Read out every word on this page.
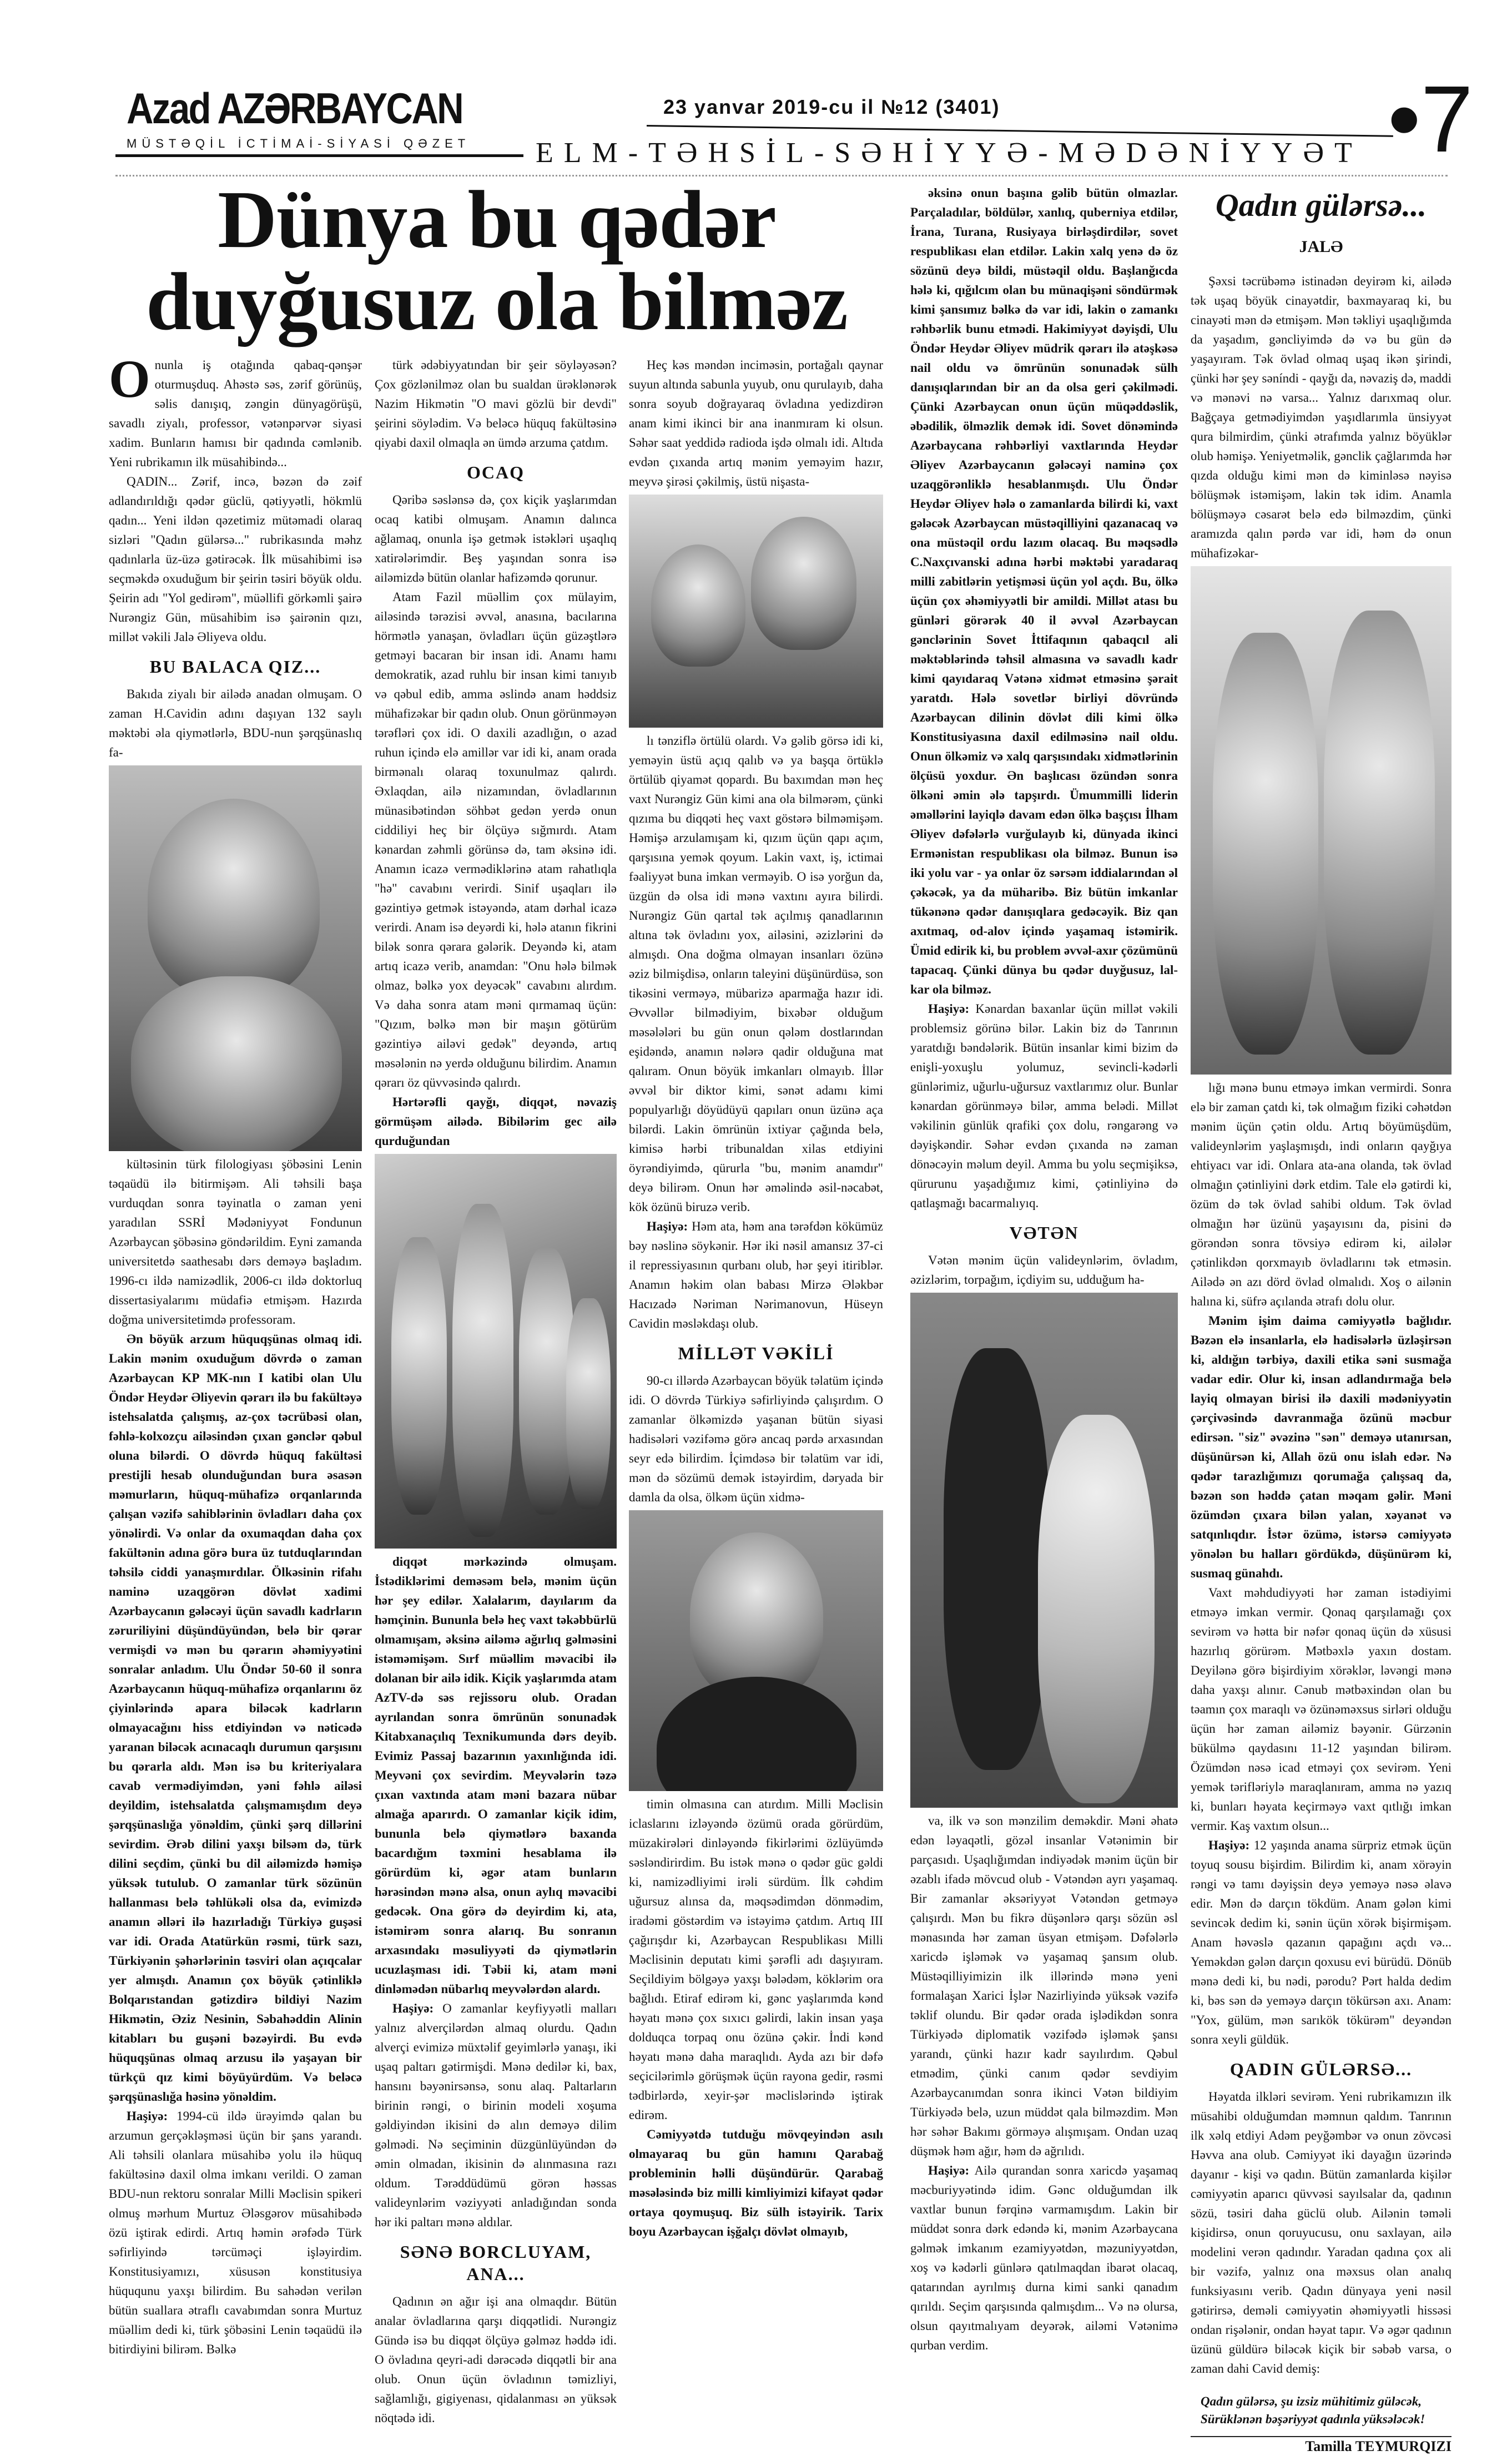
Azad AZƏRBAYCAN
MÜSTƏQİL İCTİMAİ-SİYASİ QƏZET
23 yanvar 2019-cu il №12 (3401)
ELM-TƏHSİL-SƏHİYYƏ-MƏDƏNİYYƏT •7
Dünya bu qədər
duyğusuz ola bilməz

Onunla iş otağında qabaq-qənşər oturmuşduq. Ahəstə səs, zərif görünüş, səlis danışıq, zəngin dünyagörüşü, savadlı ziyalı, professor, vətənpərvər siyasi xadim. Bunların hamısı bir qadında cəmlənib. Yeni rubrikamın ilk müsahibində...

QADIN... Zərif, incə, bəzən də zəif adlandırıldığı qədər güclü, qətiyyətli, hökmlü qadın... Yeni ildən qəzetimiz mütəmadi olaraq sizləri "Qadın gülərsə..." rubrikasında məhz qadınlarla üz-üzə gətirəcək. İlk müsahibimi isə seçməkdə oxuduğum bir şeirin təsiri böyük oldu. Şeirin adı "Yol gedirəm", müəllifi görkəmli şairə Nurəngiz Gün, müsahibim isə şairənin qızı, millət vəkili Jalə Əliyeva oldu.

BU BALACA QIZ...

Bakıda ziyalı bir ailədə anadan olmuşam. O zaman H.Cavidin adını daşıyan 132 saylı məktəbi əla qiymətlərlə, BDU-nun şərqşünaslıq fa-

kültəsinin türk filologiyası şöbəsini Lenin təqaüdü ilə bitirmişəm. Ali təhsili başa vurduqdan sonra təyinatla o zaman yeni yaradılan SSRİ Mədəniyyət Fondunun Azərbaycan şöbəsinə göndərildim. Eyni zamanda universitetdə saathesabı dərs deməyə başladım. 1996-cı ildə namizədlik, 2006-cı ildə doktorluq dissertasiyalarımı müdafiə etmişəm. Hazırda doğma universitetimdə professoram.

Ən böyük arzum hüquqşünas olmaq idi. Lakin mənim oxuduğum dövrdə o zaman Azərbaycan KP MK-nın I katibi olan Ulu Öndər Heydər Əliyevin qərarı ilə bu fakültəyə istehsalatda çalışmış, az-çox təcrübəsi olan, fəhlə-kolxozçu ailəsindən çıxan gənclər qəbul oluna bilərdi. O dövrdə hüquq fakültəsi prestijli hesab olunduğundan bura əsasən məmurların, hüquq-mühafizə orqanlarında çalışan vəzifə sahiblərinin övladları daha çox yönəlirdi. Və onlar da oxumaqdan daha çox fakültənin adına görə bura üz tutduqlarından təhsilə ciddi yanaşmırdılar. Ölkəsinin rifahı naminə uzaqgörən dövlət xadimi Azərbaycanın gələcəyi üçün savadlı kadrların zəruriliyini düşündüyündən, belə bir qərar vermişdi və mən bu qərarın əhəmiyyətini sonralar anladım. Ulu Öndər 50-60 il sonra Azərbaycanın hüquq-mühafizə orqanlarını öz çiyinlərində apara biləcək kadrların olmayacağını hiss etdiyindən və nəticədə yaranan biləcək acınacaqlı durumun qarşısını bu qərarla aldı. Mən isə bu kriteriyalara cavab vermədiyimdən, yəni fəhlə ailəsi deyildim, istehsalatda çalışmamışdım deyə şərqşünaslığa yönəldim, çünki şərq dillərini sevirdim. Ərəb dilini yaxşı bilsəm də, türk dilini seçdim, çünki bu dil ailəmizdə həmişə yüksək tutulub. O zamanlar türk sözünün hallanması belə təhlükəli olsa da, evimizdə anamın əlləri ilə hazırladığı Türkiyə guşəsi var idi. Orada Atatürkün rəsmi, türk sazı, Türkiyənin şəhərlərinin təsviri olan açıqcalar yer almışdı. Anamın çox böyük çətinliklə Bolqarıstandan gətizdirə bildiyi Nazim Hikmətin, Əziz Nesinin, Səbahəddin Alinin kitabları bu guşəni bəzəyirdi. Bu evdə hüquqşünas olmaq arzusu ilə yaşayan bir türkçü qız kimi böyüyürdüm. Və beləcə şərqşünaslığa həsinə yönəldim.

Haşiyə: 1994-cü ildə ürəyimdə qalan bu arzumun gerçəkləşməsi üçün bir şans yarandı. Ali təhsili olanlara müsahibə yolu ilə hüquq fakültəsinə daxil olma imkanı verildi. O zaman BDU-nun rektoru sonralar Milli Məclisin spikeri olmuş mərhum Murtuz Ələsgərov müsahibədə özü iştirak edirdi. Artıq həmin ərəfədə Türk səfirliyində tərcüməçi işləyirdim. Konstitusiyamızı, xüsusən konstitusiya hüququnu yaxşı bilirdim. Bu sahədən verilən bütün suallara ətraflı cavabımdan sonra Murtuz müəllim dedi ki, türk şöbəsini Lenin təqaüdü ilə bitirdiyini bilirəm. Bəlkə

türk ədəbiyyatından bir şeir söyləyəsən? Çox gözlənilməz olan bu sualdan ürəklənərək Nazim Hikmətin "O mavi gözlü bir devdi" şeirini söylədim. Və beləcə hüquq fakültəsinə qiyabi daxil olmaqla ən ümdə arzuma çatdım.

OCAQ

Qəribə səslənsə də, çox kiçik yaşlarımdan ocaq katibi olmuşam. Anamın dalınca ağlamaq, onunla işə getmək istəkləri uşaqlıq xatirələrimdir. Beş yaşından sonra isə ailəmizdə bütün olanlar hafizəmdə qorunur.

Atam Fazil müəllim çox mülayim, ailəsində tərəzisi əvvəl, anasına, bacılarına hörmətlə yanaşan, övladları üçün güzəştlərə getməyi bacaran bir insan idi. Anamı hamı demokratik, azad ruhlu bir insan kimi tanıyıb və qəbul edib, amma əslində anam həddsiz mühafizəkar bir qadın olub. Onun görünməyən tərəfləri çox idi. O daxili azadlığın, o azad ruhun içində elə amillər var idi ki, anam orada birmənalı olaraq toxunulmaz qalırdı. Əxlaqdan, ailə nizamından, övladlarının münasibətindən söhbət gedən yerdə onun ciddiliyi heç bir ölçüyə sığmırdı. Atam kənardan zəhmli görünsə də, tam əksinə idi. Anamın icazə vermədiklərinə atam rahatlıqla "hə" cavabını verirdi. Sinif uşaqları ilə gəzintiyə getmək istəyəndə, atam dərhal icazə verirdi. Anam isə deyərdi ki, hələ atanın fikrini bilək sonra qərara gələrik. Deyəndə ki, atam artıq icazə verib, anamdan: "Onu hələ bilmək olmaz, bəlkə yox deyəcək" cavabını alırdım. Və daha sonra atam məni qırmamaq üçün: "Qızım, bəlkə mən bir maşın götürüm gəzintiyə ailəvi gedək" deyəndə, artıq məsələnin nə yerdə olduğunu bilirdim. Anamın qərarı öz qüvvəsində qalırdı.

Hərtərəfli qayğı, diqqət, nəvaziş görmüşəm ailədə. Bibilərim gec ailə qurduğundan

diqqət mərkəzində olmuşam. İstədiklərimi deməsəm belə, mənim üçün hər şey edilər. Xalalarım, dayılarım da həmçinin. Bununla belə heç vaxt təkəbbürlü olmamışam, əksinə ailəmə ağırlıq gəlməsini istəməmişəm. Sırf müəllim məvacibi ilə dolanan bir ailə idik. Kiçik yaşlarımda atam AzTV-də səs rejissoru olub. Oradan ayrılandan sonra ömrünün sonunadək Kitabxanaçılıq Texnikumunda dərs deyib. Evimiz Passaj bazarının yaxınlığında idi. Meyvəni çox sevirdim. Meyvələrin təzə çıxan vaxtında atam məni bazara nübar almağa aparırdı. O zamanlar kiçik idim, bununla belə qiymətlərə baxanda bacardığım təxmini hesablama ilə görürdüm ki, əgər atam bunların hərəsindən mənə alsa, onun aylıq məvacibi gedəcək. Ona görə də deyirdim ki, ata, istəmirəm sonra alarıq. Bu sonranın arxasındakı məsuliyyəti də qiymətlərin ucuzlaşması idi. Təbii ki, atam məni dinləmədən nübarlıq meyvələrdən alardı.

Haşiyə: O zamanlar keyfiyyətli malları yalnız alverçilərdən almaq olurdu. Qadın alverçi evimizə müxtəlif geyimlərlə yanaşı, iki uşaq paltarı gətirmişdi. Mənə dedilər ki, bax, hansını bəyənirsənsə, sonu alaq. Paltarların birinin rəngi, o birinin modeli xoşuma gəldiyindən ikisini də alın deməyə dilim gəlmədi. Nə seçiminin düzgünlüyündən də əmin olmadan, ikisinin də alınmasına razı oldum. Tərəddüdümü görən həssas valideynlərim vəziyyəti anladığından sonda hər iki paltarı mənə aldılar.

SƏNƏ BORCLUYAM, ANA...

Qadının ən ağır işi ana olmaqdır. Bütün analar övladlarına qarşı diqqətlidi. Nurəngiz Gündə isə bu diqqət ölçüyə gəlməz həddə idi. O övladına qeyri-adi dərəcədə diqqətli bir ana olub. Onun üçün övladının təmizliyi, sağlamlığı, gigiyenası, qidalanması ən yüksək nöqtədə idi.

Heç kəs məndən inciməsin, portağalı qaynar suyun altında sabunla yuyub, onu qurulayıb, daha sonra soyub doğrayaraq övladına yedizdirən anam kimi ikinci bir ana inanmıram ki olsun. Səhər saat yeddidə radioda işdə olmalı idi. Altıda evdən çıxanda artıq mənim yeməyim hazır, meyvə şirəsi çəkilmiş, üstü nişasta-

lı tənziflə örtülü olardı. Və gəlib görsə idi ki, yeməyin üstü açıq qalıb və ya başqa örtüklə örtülüb qiyamət qopardı. Bu baxımdan mən heç vaxt Nurəngiz Gün kimi ana ola bilmərəm, çünki qızıma bu diqqəti heç vaxt göstərə bilməmişəm. Həmişə arzulamışam ki, qızım üçün qapı açım, qarşısına yemək qoyum. Lakin vaxt, iş, ictimai fəaliyyət buna imkan verməyib. O isə yorğun da, üzgün də olsa idi mənə vaxtını ayıra bilirdi. Nurəngiz Gün qartal tək açılmış qanadlarının altına tək övladını yox, ailəsini, əzizlərini də almışdı. Ona doğma olmayan insanları özünə əziz bilmişdisə, onların taleyini düşünürdüsə, son tikəsini verməyə, mübarizə aparmağa hazır idi. Əvvəllər bilmədiyim, bixəbər olduğum məsələləri bu gün onun qələm dostlarından eşidəndə, anamın nələrə qadir olduğuna mat qalıram. Onun böyük imkanları olmayıb. İllər əvvəl bir diktor kimi, sənət adamı kimi populyarlığı döyüdüyü qapıları onun üzünə aça bilərdi. Lakin ömrünün ixtiyar çağında belə, kimisə hərbi tribunaldan xilas etdiyini öyrəndiyimdə, qürurla "bu, mənim anamdır" deyə bilirəm. Onun hər əməlində əsil-nəcabət, kök özünü biruzə verib.

Haşiyə: Həm ata, həm ana tərəfdən kökümüz bəy nəslinə söykənir. Hər iki nəsil amansız 37-ci il repressiyasının qurbanı olub, hər şeyi itiriblər. Anamın həkim olan babası Mirzə Ələkbər Hacızadə Nəriman Nərimanovun, Hüseyn Cavidin məsləkdaşı olub.

MİLLƏT VƏKİLİ

90-cı illərdə Azərbaycan böyük təlatüm içində idi. O dövrdə Türkiyə səfirliyində çalışırdım. O zamanlar ölkəmizdə yaşanan bütün siyasi hadisələri vəzifəmə görə ancaq pərdə arxasından seyr edə bilirdim. İçimdəsə bir təlatüm var idi, mən də sözümü demək istəyirdim, dəryada bir damla da olsa, ölkəm üçün xidmə-

timin olmasına can atırdım. Milli Məclisin iclaslarını izləyəndə özümü orada görürdüm, müzakirələri dinləyəndə fikirlərimi özlüyümdə səsləndirirdim. Bu istək mənə o qədər güc gəldi ki, namizədliyimi irəli sürdüm. İlk cəhdim uğursuz alınsa da, məqsədimdən dönmədim, iradəmi göstərdim və istəyimə çatdım. Artıq III çağırışdır ki, Azərbaycan Respublikası Milli Məclisinin deputatı kimi şərəfli adı daşıyıram. Seçildiyim bölgəyə yaxşı bələdəm, köklərim ora bağlıdı. Etiraf edirəm ki, gənc yaşlarımda kənd həyatı mənə çox sıxıcı gəlirdi, lakin insan yaşa dolduqca torpaq onu özünə çəkir. İndi kənd həyatı mənə daha maraqlıdı. Ayda azı bir dəfə seçicilərimlə görüşmək üçün rayona gedir, rəsmi tədbirlərdə, xeyir-şər məclislərində iştirak edirəm.

Cəmiyyətdə tutduğu mövqeyindən asılı olmayaraq bu gün hamını Qarabağ probleminin həlli düşündürür. Qarabağ məsələsində biz milli kimliyimizi kifayət qədər ortaya qoymuşuq. Biz sülh istəyirik. Tarix boyu Azərbaycan işğalçı dövlət olmayıb,

əksinə onun başına gəlib bütün olmazlar. Parçaladılar, böldülər, xanlıq, quberniya etdilər, İrana, Turana, Rusiyaya birləşdirdilər, sovet respublikası elan etdilər. Lakin xalq yenə də öz sözünü deyə bildi, müstəqil oldu. Başlanğıcda hələ ki, qığılcım olan bu münaqişəni söndürmək kimi şansımız bəlkə də var idi, lakin o zamankı rəhbərlik bunu etmədi. Hakimiyyət dəyişdi, Ulu Öndər Heydər Əliyev müdrik qərarı ilə atəşkəsə nail oldu və ömrünün sonunadək sülh danışıqlarından bir an da olsa geri çəkilmədi. Çünki Azərbaycan onun üçün müqəddəslik, əbədilik, ölməzlik demək idi. Sovet dönəmində Azərbaycana rəhbərliyi vaxtlarında Heydər Əliyev Azərbaycanın gələcəyi naminə çox uzaqgörənliklə hesablanmışdı. Ulu Öndər Heydər Əliyev hələ o zamanlarda bilirdi ki, vaxt gələcək Azərbaycan müstəqilliyini qazanacaq və ona müstəqil ordu lazım olacaq. Bu məqsədlə C.Naxçıvanski adına hərbi məktəbi yaradaraq milli zabitlərin yetişməsi üçün yol açdı. Bu, ölkə üçün çox əhəmiyyətli bir amildi. Millət atası bu günləri görərək 40 il əvvəl Azərbaycan gənclərinin Sovet İttifaqının qabaqcıl ali məktəblərində təhsil almasına və savadlı kadr kimi qayıdaraq Vətənə xidmət etməsinə şərait yaratdı. Hələ sovetlər birliyi dövründə Azərbaycan dilinin dövlət dili kimi ölkə Konstitusiyasına daxil edilməsinə nail oldu. Onun ölkəmiz və xalq qarşısındakı xidmətlərinin ölçüsü yoxdur. Ən başlıcası özündən sonra ölkəni əmin ələ tapşırdı. Ümummilli liderin əməllərini layiqlə davam edən ölkə başçısı İlham Əliyev dəfələrlə vurğulayıb ki, dünyada ikinci Ermənistan respublikası ola bilməz. Bunun isə iki yolu var - ya onlar öz sərsəm iddialarından əl çəkəcək, ya da müharibə. Biz bütün imkanlar tükənənə qədər danışıqlara gedəcəyik. Biz qan axıtmaq, od-alov içində yaşamaq istəmirik. Ümid edirik ki, bu problem əvvəl-axır çözümünü tapacaq. Çünki dünya bu qədər duyğusuz, lal-kar ola bilməz.

Haşiyə: Kənardan baxanlar üçün millət vəkili problemsiz görünə bilər. Lakin biz də Tanrının yaratdığı bəndələrik. Bütün insanlar kimi bizim də enişli-yoxuşlu yolumuz, sevincli-kədərli günlərimiz, uğurlu-uğursuz vaxtlarımız olur. Bunlar kənardan görünməyə bilər, amma belədi. Millət vəkilinin günlük qrafiki çox dolu, rəngarəng və dəyişkəndir. Səhər evdən çıxanda nə zaman dönəcəyin məlum deyil. Amma bu yolu seçmişiksə, qürurunu yaşadığımız kimi, çətinliyinə də qatlaşmağı bacarmalıyıq.

VƏTƏN

Vətən mənim üçün valideynlərim, övladım, əzizlərim, torpağım, içdiyim su, udduğum ha-

va, ilk və son mənzilim deməkdir. Məni əhatə edən ləyaqətli, gözəl insanlar Vətənimin bir parçasıdı. Uşaqlığımdan indiyədək mənim üçün bir əzablı ifadə mövcud olub - Vətəndən ayrı yaşamaq. Bir zamanlar əksəriyyət Vətəndən getməyə çalışırdı. Mən bu fikrə düşənlərə qarşı sözün əsl mənasında hər zaman üsyan etmişəm. Dəfələrlə xaricdə işləmək və yaşamaq şansım olub. Müstəqilliyimizin ilk illərində mənə yeni formalaşan Xarici İşlər Nazirliyində yüksək vəzifə təklif olundu. Bir qədər orada işlədikdən sonra Türkiyədə diplomatik vəzifədə işləmək şansı yarandı, çünki hazır kadr sayılırdım. Qəbul etmədim, çünki canım qədər sevdiyim Azərbaycanımdan sonra ikinci Vətən bildiyim Türkiyədə belə, uzun müddət qala bilməzdim. Mən hər səhər Bakımı görməyə alışmışam. Ondan uzaq düşmək həm ağır, həm də ağrılıdı.

Haşiyə: Ailə qurandan sonra xaricdə yaşamaq məcburiyyətində idim. Gənc olduğumdan ilk vaxtlar bunun fərqinə varmamışdım. Lakin bir müddət sonra dərk edəndə ki, mənim Azərbaycana gəlmək imkanım ezamiyyətdən, məzuniyyətdən, xoş və kədərli günlərə qatılmaqdan ibarət olacaq, qatarından ayrılmış durna kimi sanki qanadım qırıldı. Seçim qarşısında qalmışdım... Və nə olursa, olsun qayıtmalıyam deyərək, ailəmi Vətənimə qurban verdim.

Qadın gülərsə...
JALƏ

Şəxsi təcrübəmə istinadən deyirəm ki, ailədə tək uşaq böyük cinayətdir, baxmayaraq ki, bu cinayəti mən də etmişəm. Mən təkliyi uşaqlığımda da yaşadım, gəncliyimdə də və bu gün də yaşayıram. Tək övlad olmaq uşaq ikən şirindi, çünki hər şey səníndi - qayğı da, nəvaziş də, maddi və mənəvi nə varsa... Yalnız darıxmaq olur. Bağçaya getmədiyimdən yaşıdlarımla ünsiyyət qura bilmirdim, çünki ətrafımda yalnız böyüklər olub həmişə. Yeniyetməlik, gənclik çağlarımda hər qızda olduğu kimi mən də kiminləsə nəyisə bölüşmək istəmişəm, lakin tək idim. Anamla bölüşməyə cəsarət belə edə bilməzdim, çünki aramızda qalın pərdə var idi, həm də onun mühafizəkar-

lığı mənə bunu etməyə imkan vermirdi. Sonra elə bir zaman çatdı ki, tək olmağım fiziki cəhətdən mənim üçün çətin oldu. Artıq böyümüşdüm, valideynlərim yaşlaşmışdı, indi onların qayğıya ehtiyacı var idi. Onlara ata-ana olanda, tək övlad olmağın çətinliyini dərk etdim. Tale elə gətirdi ki, özüm də tək övlad sahibi oldum. Tək övlad olmağın hər üzünü yaşayısını da, pisini də görəndən sonra tövsiyə edirəm ki, ailələr çətinlikdən qorxmayıb övladlarını tək etməsin. Ailədə ən azı dörd övlad olmalıdı. Xoş o ailənin halına ki, süfrə açılanda ətrafı dolu olur.

Mənim işim daima cəmiyyətlə bağlıdır. Bəzən elə insanlarla, elə hadisələrlə üzləşirsən ki, aldığın tərbiyə, daxili etika səni susmağa vadar edir. Olur ki, insan adlandırmağa belə layiq olmayan birisi ilə daxili mədəniyyətin çərçivəsində davranmağa özünü məcbur edirsən. "siz" əvəzinə "sən" deməyə utanırsan, düşünürsən ki, Allah özü onu islah edər. Nə qədər tarazlığımızı qorumağa çalışsaq da, bəzən son həddə çatan məqam gəlir. Məni özümdən çıxara bilən yalan, xəyanət və satqınlıqdır. İstər özümə, istərsə cəmiyyətə yönələn bu halları gördükdə, düşünürəm ki, susmaq günahdı.

Vaxt məhdudiyyəti hər zaman istədiyimi etməyə imkan vermir. Qonaq qarşılamağı çox sevirəm və hətta bir nəfər qonaq üçün də xüsusi hazırlıq görürəm. Mətbəxlə yaxın dostam. Deyilənə görə bişirdiyim xörəklər, ləvəngi mənə daha yaxşı alınır. Cənub mətbəxindən olan bu təamın çox maraqlı və özünəməxsus sirləri olduğu üçün hər zaman ailəmiz bəyənir. Gürzənin bükülmə qaydasını 11-12 yaşından bilirəm. Özümdən nəsə icad etməyi çox sevirəm. Yeni yemək tərifləriylə maraqlanıram, amma nə yazıq ki, bunları həyata keçirməyə vaxt qıtlığı imkan vermir. Kaş vaxtım olsun...

Haşiyə: 12 yaşında anama sürpriz etmək üçün toyuq sousu bişirdim. Bilirdim ki, anam xörəyin rəngi və tamı dəyişsin deyə yeməyə nəsə əlavə edir. Mən də darçın tökdüm. Anam gələn kimi sevincək dedim ki, sənin üçün xörək bişirmişəm. Anam həvəslə qazanın qapağını açdı və... Yeməkdən gələn darçın qoxusu evi bürüdü. Dönüb mənə dedi ki, bu nədi, pərodu? Pərt halda dedim ki, bəs sən də yeməyə darçın tökürsən axı. Anam: "Yox, gülüm, mən sarıkök tökürəm" deyəndən sonra xeyli güldük.

QADIN GÜLƏRSƏ...

Həyatda ilkləri sevirəm. Yeni rubrikamızın ilk müsahibi olduğumdan məmnun qaldım. Tanrının ilk xəlq etdiyi Adəm peyğəmbər və onun zövcəsi Həvva ana olub. Cəmiyyət iki dayağın üzərində dayanır - kişi və qadın. Bütün zamanlarda kişilər cəmiyyətin aparıcı qüvvəsi sayılsalar da, qadının sözü, təsiri daha güclü olub. Ailənin təməli kişidirsə, onun qoruyucusu, onu saxlayan, ailə modelini verən qadındır. Yaradan qadına çox ali bir vəzifə, yalnız ona məxsus olan analıq funksiyasını verib. Qadın dünyaya yeni nəsil gətirirsə, deməli cəmiyyətin əhəmiyyətli hissəsi ondan rişələnir, ondan həyat tapır. Və əgər qadının üzünü güldürə biləcək kiçik bir səbəb varsa, o zaman dahi Cavid demiş:

Qadın gülərsə, şu izsiz mühitimiz güləcək,
Sürüklənən bəşəriyyət qadınla yüksələcək!
Tamilla TEYMURQIZI
